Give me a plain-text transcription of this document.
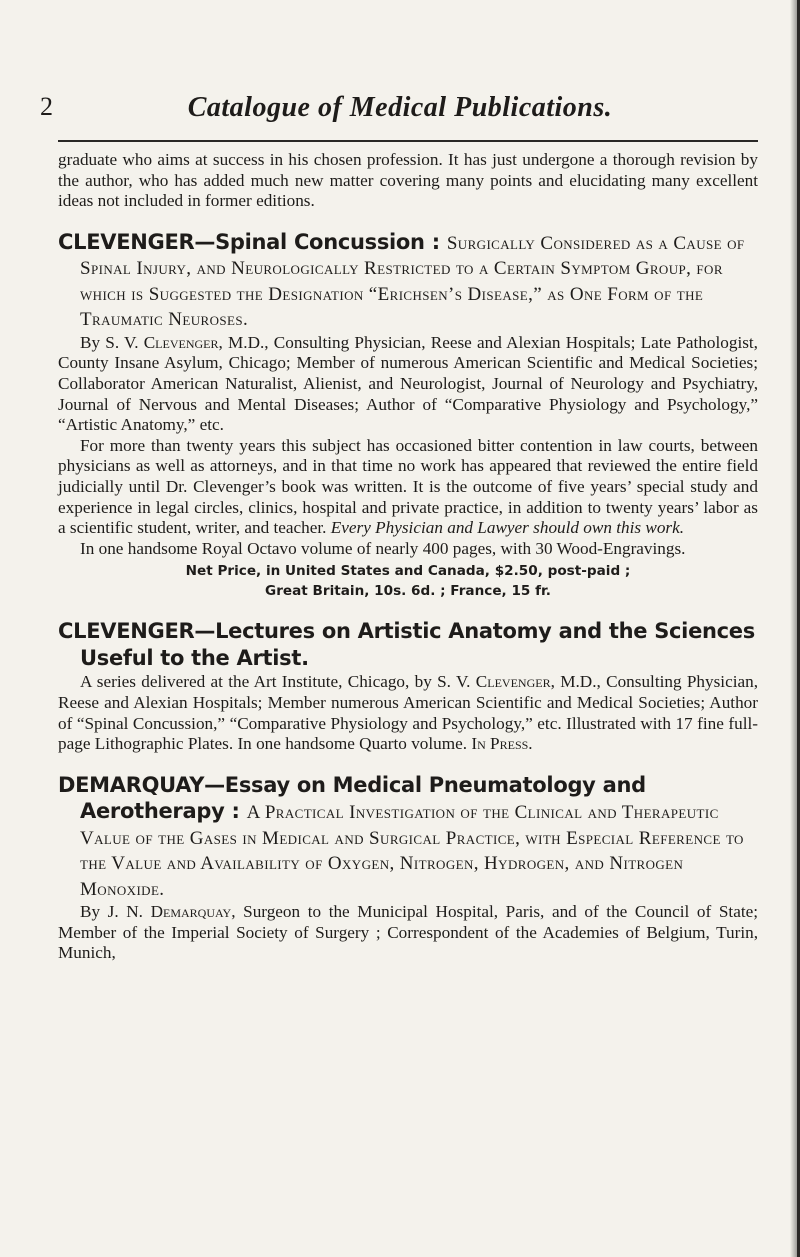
2	Catalogue of Medical Publications.

graduate who aims at success in his chosen profession. It has just undergone a thorough revision by the author, who has added much new matter covering many points and elucidating many excellent ideas not included in former editions.

CLEVENGER—Spinal Concussion : Surgically Considered as a Cause of Spinal Injury, and Neurologically Restricted to a Certain Symptom Group, for which is Suggested the Designation “Erichsen’s Disease,” as One Form of the Traumatic Neuroses.

By S. V. Clevenger, M.D., Consulting Physician, Reese and Alexian Hospitals; Late Pathologist, County Insane Asylum, Chicago; Member of numerous American Scientific and Medical Societies; Collaborator American Naturalist, Alienist, and Neurologist, Journal of Neurology and Psychiatry, Journal of Nervous and Mental Diseases; Author of “Comparative Physiology and Psychology,” “Artistic Anatomy,” etc.

For more than twenty years this subject has occasioned bitter contention in law courts, between physicians as well as attorneys, and in that time no work has appeared that reviewed the entire field judicially until Dr. Clevenger’s book was written. It is the outcome of five years’ special study and experience in legal circles, clinics, hospital and private practice, in addition to twenty years’ labor as a scientific student, writer, and teacher. Every Physician and Lawyer should own this work.

In one handsome Royal Octavo volume of nearly 400 pages, with 30 Wood-Engravings.

Net Price, in United States and Canada, $2.50, post-paid ;
Great Britain, 10s. 6d. ; France, 15 fr.

CLEVENGER—Lectures on Artistic Anatomy and the Sciences Useful to the Artist.

A series delivered at the Art Institute, Chicago, by S. V. Clevenger, M.D., Consulting Physician, Reese and Alexian Hospitals; Member numerous American Scientific and Medical Societies; Author of “Spinal Concussion,” “Comparative Physiology and Psychology,” etc. Illustrated with 17 fine full-page Lithographic Plates. In one handsome Quarto volume. In Press.

DEMARQUAY—Essay on Medical Pneumatology and Aerotherapy : A Practical Investigation of the Clinical and Therapeutic Value of the Gases in Medical and Surgical Practice, with Especial Reference to the Value and Availability of Oxygen, Nitrogen, Hydrogen, and Nitrogen Monoxide.

By J. N. Demarquay, Surgeon to the Municipal Hospital, Paris, and of the Council of State; Member of the Imperial Society of Surgery ; Correspondent of the Academies of Belgium, Turin, Munich,
